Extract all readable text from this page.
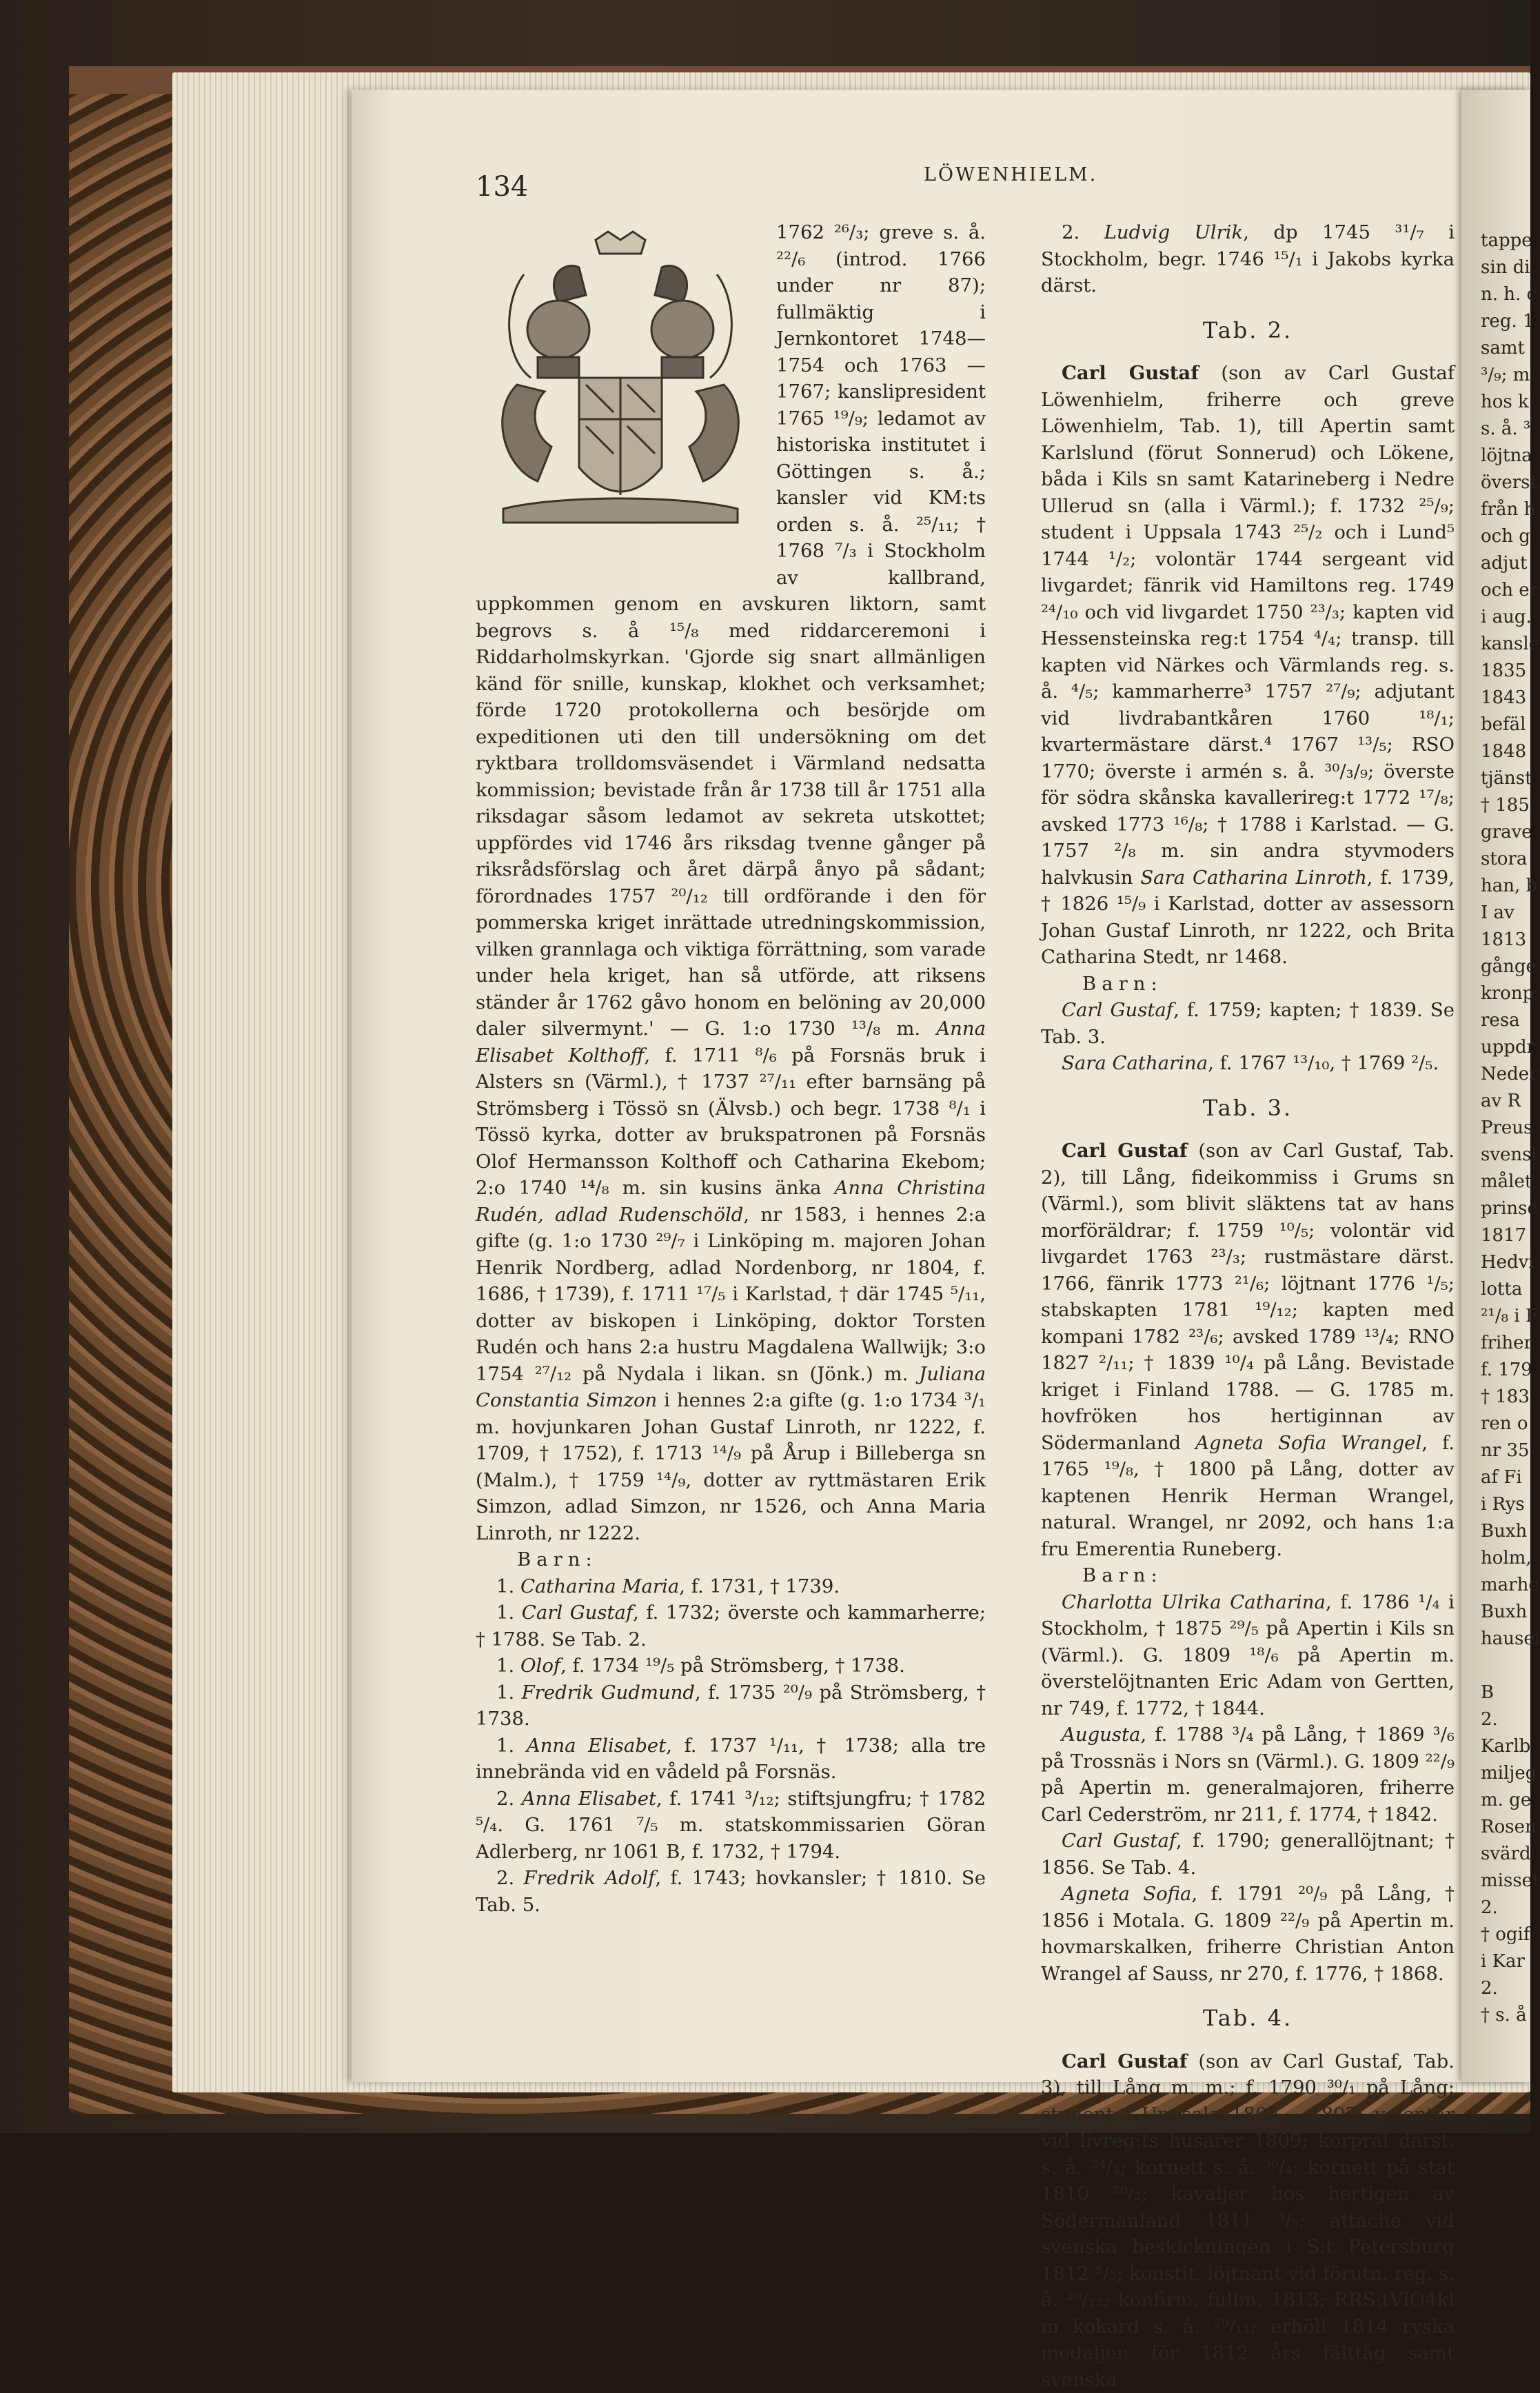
tappe
sin di
n. h. c
reg. 1
samt
³/₉; m
hos k
s. å. ³
löjtna
överst
från h
och g
adjut
och er
i aug.
kansle
1835
1843
befäl
1848
tjänst
† 185
grave
stora
han, b
I av
1813
gånge
kronp
resa
uppdr
Neder
av R
Preus
svensl
målet
prinse
1817
Hedvi
lotta
²¹/₈ i F
friher
f. 179
† 183
ren o
nr 35
af Fi
i Rys
Buxh
holm,
marhe
Buxh
hausei
B
2.
Karlb
miljeg
m. ge
Rosen
svärd
misset
2.
† ogif
i Kar
2.
† s. å
134	LÖWENHIELM.

1762 ²⁶/₃; greve s. å. ²²/₆ (introd. 1766 under nr 87); fullmäktig i Jernkontoret 1748—1754 och 1763 —1767; kanslipresident 1765 ¹⁹/₉; ledamot av historiska institutet i Göttingen s. å.; kansler vid KM:ts orden s. å. ²⁵/₁₁; † 1768 ⁷/₃ i Stockholm av kallbrand, uppkommen genom en avskuren liktorn, samt begrovs s. å ¹⁵/₈ med riddarceremoni i Riddarholmskyrkan. 'Gjorde sig snart allmänligen känd för snille, kunskap, klokhet och verksamhet; förde 1720 protokollerna och besörjde om expeditionen uti den till undersökning om det ryktbara trolldomsväsendet i Värmland nedsatta kommission; bevistade från år 1738 till år 1751 alla riksdagar såsom ledamot av sekreta utskottet; uppfördes vid 1746 års riksdag tvenne gånger på riksrådsförslag och året därpå ånyo på sådant; förordnades 1757 ²⁰/₁₂ till ordförande i den för pommerska kriget inrättade utredningskommission, vilken grannlaga och viktiga förrättning, som varade under hela kriget, han så utförde, att riksens ständer år 1762 gåvo honom en belöning av 20,000 daler silvermynt.' — G. 1:o 1730 ¹³/₈ m. Anna Elisabet Kolthoff, f. 1711 ⁸/₆ på Forsnäs bruk i Alsters sn (Värml.), † 1737 ²⁷/₁₁ efter barnsäng på Strömsberg i Tössö sn (Älvsb.) och begr. 1738 ⁸/₁ i Tössö kyrka, dotter av brukspatronen på Forsnäs Olof Hermansson Kolthoff och Catharina Ekebom; 2:o 1740 ¹⁴/₈ m. sin kusins änka Anna Christina Rudén, adlad Rudenschöld, nr 1583, i hennes 2:a gifte (g. 1:o 1730 ²⁹/₇ i Linköping m. majoren Johan Henrik Nordberg, adlad Nordenborg, nr 1804, f. 1686, † 1739), f. 1711 ¹⁷/₅ i Karlstad, † där 1745 ⁵/₁₁, dotter av biskopen i Linköping, doktor Torsten Rudén och hans 2:a hustru Magdalena Wallwijk; 3:o 1754 ²⁷/₁₂ på Nydala i likan. sn (Jönk.) m. Juliana Constantia Simzon i hennes 2:a gifte (g. 1:o 1734 ³/₁ m. hovjunkaren Johan Gustaf Linroth, nr 1222, f. 1709, † 1752), f. 1713 ¹⁴/₉ på Årup i Billeberga sn (Malm.), † 1759 ¹⁴/₉, dotter av ryttmästaren Erik Simzon, adlad Simzon, nr 1526, och Anna Maria Linroth, nr 1222.

Barn:

1. Catharina Maria, f. 1731, † 1739.

1. Carl Gustaf, f. 1732; överste och kammarherre; † 1788. Se Tab. 2.

1. Olof, f. 1734 ¹⁹/₅ på Strömsberg, † 1738.

1. Fredrik Gudmund, f. 1735 ²⁰/₉ på Strömsberg, † 1738.

1. Anna Elisabet, f. 1737 ¹/₁₁, † 1738; alla tre innebrända vid en vådeld på Forsnäs.

2. Anna Elisabet, f. 1741 ³/₁₂; stiftsjungfru; † 1782 ⁵/₄. G. 1761 ⁷/₅ m. statskommissarien Göran Adlerberg, nr 1061 B, f. 1732, † 1794.

2. Fredrik Adolf, f. 1743; hovkansler; † 1810. Se Tab. 5.

2. Ludvig Ulrik, dp 1745 ³¹/₇ i Stockholm, begr. 1746 ¹⁵/₁ i Jakobs kyrka därst.

Tab. 2.

Carl Gustaf (son av Carl Gustaf Löwenhielm, friherre och greve Löwenhielm, Tab. 1), till Apertin samt Karlslund (förut Sonnerud) och Lökene, båda i Kils sn samt Katarineberg i Nedre Ullerud sn (alla i Värml.); f. 1732 ²⁵/₉; student i Uppsala 1743 ²⁵/₂ och i Lund⁵ 1744 ¹/₂; volontär 1744 sergeant vid livgardet; fänrik vid Hamiltons reg. 1749 ²⁴/₁₀ och vid livgardet 1750 ²³/₃; kapten vid Hessensteinska reg:t 1754 ⁴/₄; transp. till kapten vid Närkes och Värmlands reg. s. å. ⁴/₅; kammarherre³ 1757 ²⁷/₉; adjutant vid livdrabantkåren 1760 ¹⁸/₁; kvartermästare därst.⁴ 1767 ¹³/₅; RSO 1770; överste i armén s. å. ³⁰/₃/₉; överste för södra skånska kavallerireg:t 1772 ¹⁷/₈; avsked 1773 ¹⁶/₈; † 1788 i Karlstad. — G. 1757 ²/₈ m. sin andra styvmoders halvkusin Sara Catharina Linroth, f. 1739, † 1826 ¹⁵/₉ i Karlstad, dotter av assessorn Johan Gustaf Linroth, nr 1222, och Brita Catharina Stedt, nr 1468.

Barn:

Carl Gustaf, f. 1759; kapten; † 1839. Se Tab. 3.

Sara Catharina, f. 1767 ¹³/₁₀, † 1769 ²/₅.

Tab. 3.

Carl Gustaf (son av Carl Gustaf, Tab. 2), till Lång, fideikommiss i Grums sn (Värml.), som blivit släktens tat av hans morföräldrar; f. 1759 ¹⁰/₅; volontär vid livgardet 1763 ²³/₃; rustmästare därst. 1766, fänrik 1773 ²¹/₆; löjtnant 1776 ¹/₅; stabskapten 1781 ¹⁹/₁₂; kapten med kompani 1782 ²³/₆; avsked 1789 ¹³/₄; RNO 1827 ²/₁₁; † 1839 ¹⁰/₄ på Lång. Bevistade kriget i Finland 1788. — G. 1785 m. hovfröken hos hertiginnan av Södermanland Agneta Sofia Wrangel, f. 1765 ¹⁹/₈, † 1800 på Lång, dotter av kaptenen Henrik Herman Wrangel, natural. Wrangel, nr 2092, och hans 1:a fru Emerentia Runeberg.

Barn:

Charlotta Ulrika Catharina, f. 1786 ¹/₄ i Stockholm, † 1875 ²⁹/₅ på Apertin i Kils sn (Värml.). G. 1809 ¹⁸/₆ på Apertin m. överstelöjtnanten Eric Adam von Gertten, nr 749, f. 1772, † 1844.

Augusta, f. 1788 ³/₄ på Lång, † 1869 ³/₆ på Trossnäs i Nors sn (Värml.). G. 1809 ²²/₉ på Apertin m. generalmajoren, friherre Carl Cederström, nr 211, f. 1774, † 1842.

Carl Gustaf, f. 1790; generallöjtnant; † 1856. Se Tab. 4.

Agneta Sofia, f. 1791 ²⁰/₉ på Lång, † 1856 i Motala. G. 1809 ²²/₉ på Apertin m. hovmarskalken, friherre Christian Anton Wrangel af Sauss, nr 270, f. 1776, † 1868.

Tab. 4.

Carl Gustaf (son av Carl Gustaf, Tab. 3), till Lång m. m.; f. 1790 ³⁰/₁ på Lång; student i Uppsala 1805 —1807; volontär vid livreg:ts husarer 1809; korpral därst. s. å. ²⁴/₃; kornett s. å. ³⁰/₄; kornett på stat 1810 ²⁰/₂; kavaljer hos hertigen av Södermanland 1811 ³/₅; attaché vid svenska beskickningen i S:t Petersburg 1812 ⁵/₅; konstit. löjtnant vid förutn. reg. s. å. ²⁹/₁₂; konfirm. fullm. 1813; RRS:tVlO4kl m kokard s. å. ²⁰/₁₁; erhöll 1814 ryska medaljen för 1812 års fälttåg samt svenska
